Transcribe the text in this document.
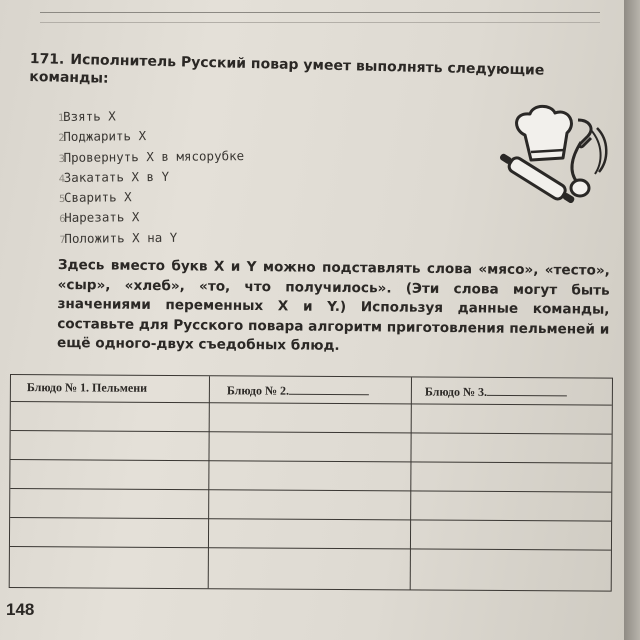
171. Исполнитель Русский повар умеет выполнять следующие команды:
1Взять X
2Поджарить X
3Провернуть X в мясорубке
4Закатать X в Y
5Сварить X
6Нарезать X
7Положить X на Y
Здесь вместо букв X и Y можно подставлять слова «мясо», «тесто», «сыр», «хлеб», «то, что получилось». (Эти слова могут быть значениями переменных X и Y.) Используя данные команды, составьте для Русского повара алгоритм приготовления пельменей и ещё одного-двух съедобных блюд.
Блюдо № 1. Пельмени	Блюдо № 2.	Блюдо № 3.
148
